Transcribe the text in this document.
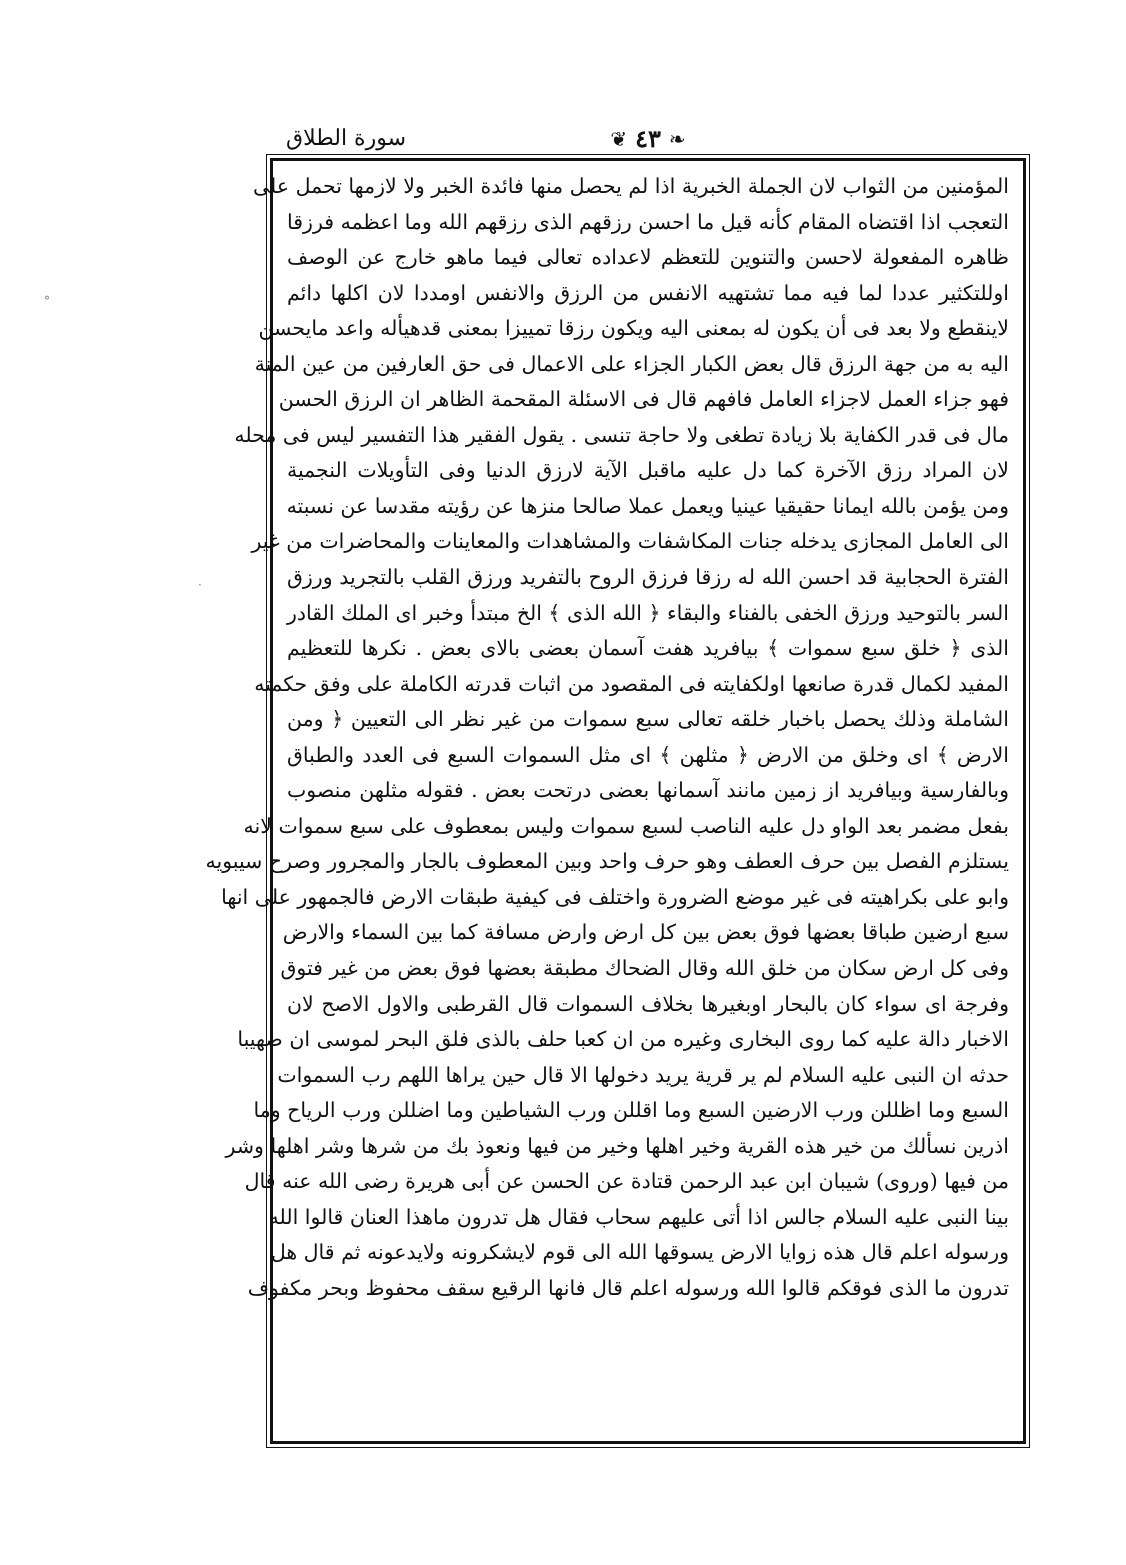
°
·
سورة الطلاق	❦ ٤٣ ❧
المؤمنين من الثواب لان الجملة الخبرية اذا لم يحصل منها فائدة الخبر ولا لازمها تحمل على
التعجب اذا اقتضاه المقام كأنه قيل ما احسن رزقهم الذى رزقهم الله وما اعظمه فرزقا
ظاهره المفعولة لاحسن والتنوين للتعظم لاعداده تعالى فيما ماهو خارج عن الوصف
اوللتكثير عددا لما فيه مما تشتهيه الانفس من الرزق والانفس اومددا لان اكلها دائم
لاينقطع ولا بعد فى أن يكون له بمعنى اليه ويكون رزقا تمييزا بمعنى قدهيأله واعد مايحسن
اليه به من جهة الرزق قال بعض الكبار الجزاء على الاعمال فى حق العارفين من عين المنة
فهو جزاء العمل لاجزاء العامل فافهم قال فى الاسئلة المقحمة الظاهر ان الرزق الحسن
مال فى قدر الكفاية بلا زيادة تطغى ولا حاجة تنسى . يقول الفقير هذا التفسير ليس فى محله
لان المراد رزق الآخرة كما دل عليه ماقبل الآية لارزق الدنيا وفى التأويلات النجمية
ومن يؤمن بالله ايمانا حقيقيا عينيا ويعمل عملا صالحا منزها عن رؤيته مقدسا عن نسبته
الى العامل المجازى يدخله جنات المكاشفات والمشاهدات والمعاينات والمحاضرات من غير
الفترة الحجابية قد احسن الله له رزقا فرزق الروح بالتفريد ورزق القلب بالتجريد ورزق
السر بالتوحيد ورزق الخفى بالفناء والبقاء ﴿ الله الذى ﴾ الخ مبتدأ وخبر اى الملك القادر
الذى ﴿ خلق سبع سموات ﴾ بيافريد هفت آسمان بعضى بالاى بعض . نكرها للتعظيم
المفيد لكمال قدرة صانعها اولكفايته فى المقصود من اثبات قدرته الكاملة على وفق حكمته
الشاملة وذلك يحصل باخبار خلقه تعالى سبع سموات من غير نظر الى التعيين ﴿ ومن
الارض ﴾ اى وخلق من الارض ﴿ مثلهن ﴾ اى مثل السموات السبع فى العدد والطباق
وبالفارسية وبيافريد از زمين مانند آسمانها بعضى درتحت بعض . فقوله مثلهن منصوب
بفعل مضمر بعد الواو دل عليه الناصب لسبع سموات وليس بمعطوف على سبع سموات لانه
يستلزم الفصل بين حرف العطف وهو حرف واحد وبين المعطوف بالجار والمجرور وصرح سيبويه
وابو على بكراهيته فى غير موضع الضرورة واختلف فى كيفية طبقات الارض فالجمهور على انها
سبع ارضين طباقا بعضها فوق بعض بين كل ارض وارض مسافة كما بين السماء والارض
وفى كل ارض سكان من خلق الله وقال الضحاك مطبقة بعضها فوق بعض من غير فتوق
وفرجة اى سواء كان بالبحار اوبغيرها بخلاف السموات قال القرطبى والاول الاصح لان
الاخبار دالة عليه كما روى البخارى وغيره من ان كعبا حلف بالذى فلق البحر لموسى ان صهيبا
حدثه ان النبى عليه السلام لم ير قرية يريد دخولها الا قال حين يراها اللهم رب السموات
السبع وما اظللن ورب الارضين السبع وما اقللن ورب الشياطين وما اضللن ورب الرياح وما
اذرين نسألك من خير هذه القرية وخير اهلها وخير من فيها ونعوذ بك من شرها وشر اهلها وشر
من فيها (وروى) شيبان ابن عبد الرحمن قتادة عن الحسن عن أبى هريرة رضى الله عنه قال
بينا النبى عليه السلام جالس اذا أتى عليهم سحاب فقال هل تدرون ماهذا العنان قالوا الله
ورسوله اعلم قال هذه زوايا الارض يسوقها الله الى قوم لايشكرونه ولايدعونه ثم قال هل
تدرون ما الذى فوقكم قالوا الله ورسوله اعلم قال فانها الرقيع سقف محفوظ وبحر مكفوف
